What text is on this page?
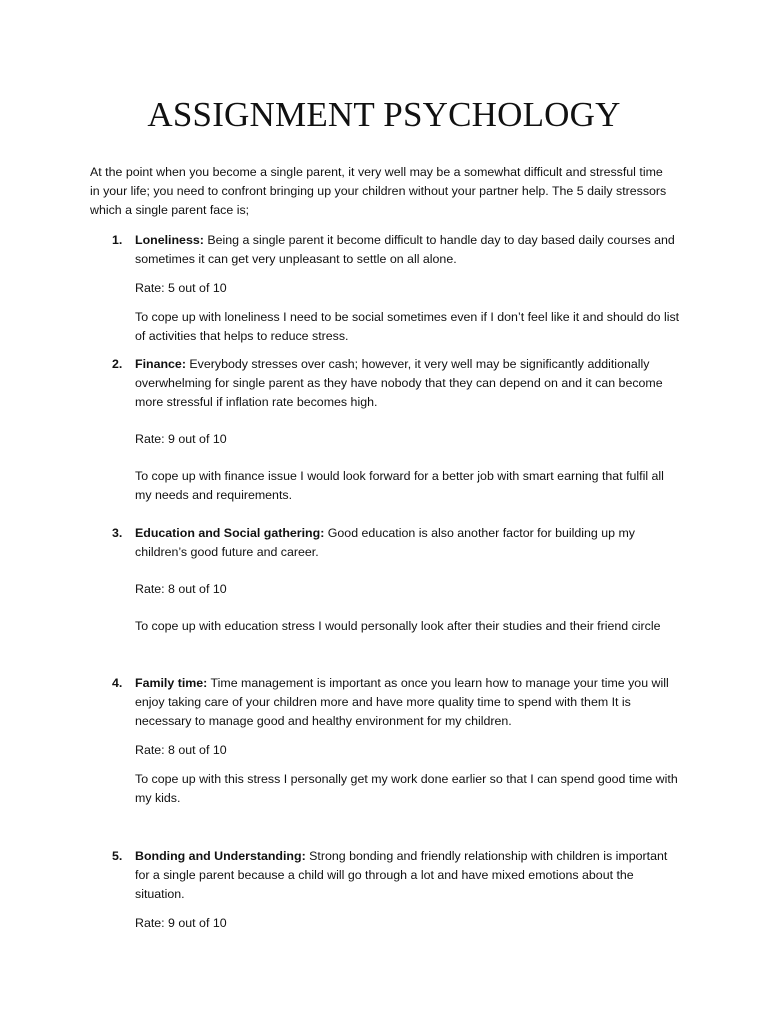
ASSIGNMENT PSYCHOLOGY

At the point when you become a single parent, it very well may be a somewhat difficult and stressful time in your life; you need to confront bringing up your children without your partner help. The 5 daily stressors which a single parent face is;

1. Loneliness: Being a single parent it become difficult to handle day to day based daily courses and sometimes it can get very unpleasant to settle on all alone.

Rate: 5 out of 10

To cope up with loneliness I need to be social sometimes even if I don’t feel like it and should do list of activities that helps to reduce stress.

2. Finance: Everybody stresses over cash; however, it very well may be significantly additionally overwhelming for single parent as they have nobody that they can depend on and it can become more stressful if inflation rate becomes high.

Rate: 9 out of 10

To cope up with finance issue I would look forward for a better job with smart earning that fulfil all my needs and requirements.

3. Education and Social gathering: Good education is also another factor for building up my children’s good future and career.

Rate: 8 out of 10

To cope up with education stress I would personally look after their studies and their friend circle

4. Family time: Time management is important as once you learn how to manage your time you will enjoy taking care of your children more and have more quality time to spend with them It is necessary to manage good and healthy environment for my children.

Rate: 8 out of 10

To cope up with this stress I personally get my work done earlier so that I can spend good time with my kids.

5. Bonding and Understanding: Strong bonding and friendly relationship with children is important for a single parent because a child will go through a lot and have mixed emotions about the situation.

Rate: 9 out of 10
